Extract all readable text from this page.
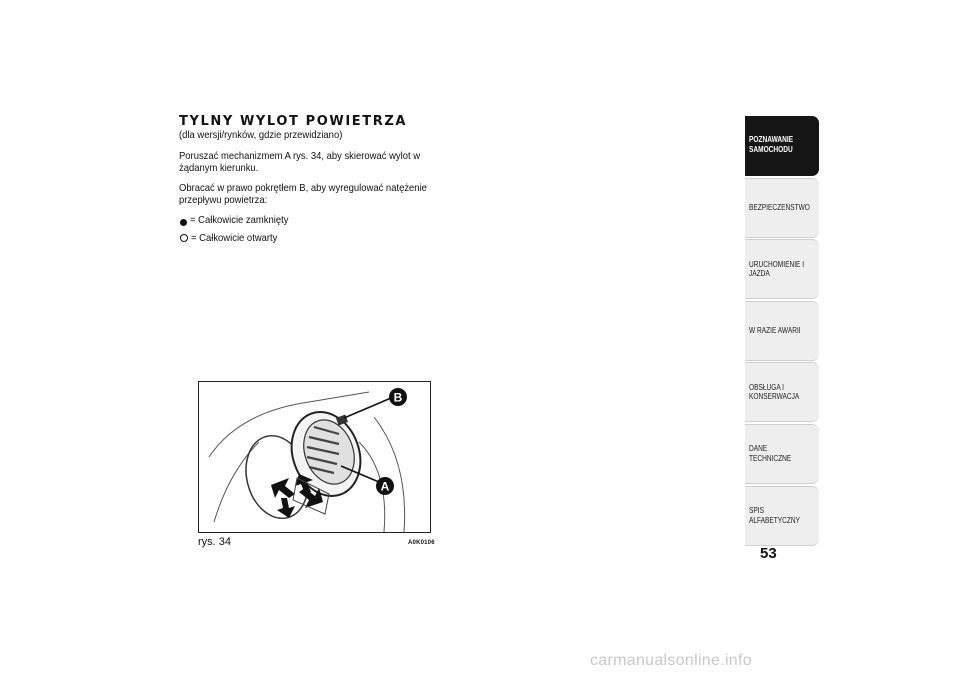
TYLNY WYLOT POWIETRZA

(dla wersji/rynków, gdzie przewidziano)

Poruszać mechanizmem A rys. 34, aby skierować wylot w żądanym kierunku.

Obracać w prawo pokrętłem B, aby wyregulować natężenie przepływu powietrza:

= Całkowicie zamknięty
= Całkowicie otwarty
B
A
rys. 34	A0K0106
POZNAWANIE
SAMOCHODU
BEZPIECZEŃSTWO
URUCHOMIENIE I
JAZDA
W RAZIE AWARII
OBSŁUGA I
KONSERWACJA
DANE TECHNICZNE
SPIS ALFABETYCZNY
53
carmanualsonline.info
